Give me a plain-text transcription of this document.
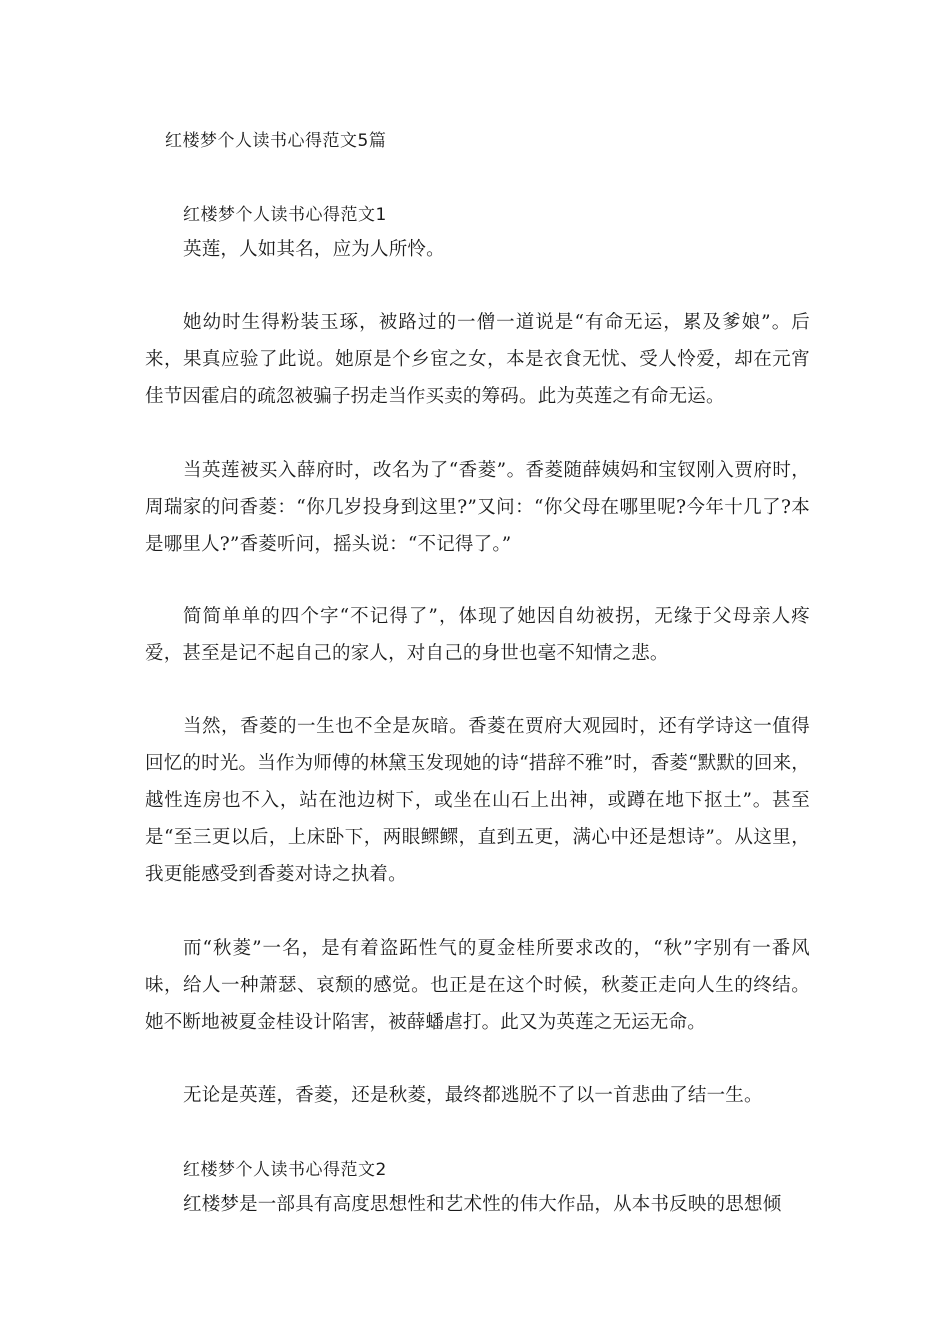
红楼梦个人读书心得范文5篇
红楼梦个人读书心得范文1
英莲，人如其名，应为人所怜。
她幼时生得粉装玉琢，被路过的一僧一道说是“有命无运，累及爹娘”。后来，果真应验了此说。她原是个乡宦之女，本是衣食无忧、受人怜爱，却在元宵佳节因霍启的疏忽被骗子拐走当作买卖的筹码。此为英莲之有命无运。
当英莲被买入薛府时，改名为了“香菱”。香菱随薛姨妈和宝钗刚入贾府时，周瑞家的问香菱：“你几岁投身到这里?”又问：“你父母在哪里呢?今年十几了?本是哪里人?”香菱听问，摇头说：“不记得了。”
简简单单的四个字“不记得了”，体现了她因自幼被拐，无缘于父母亲人疼爱，甚至是记不起自己的家人，对自己的身世也毫不知情之悲。
当然，香菱的一生也不全是灰暗。香菱在贾府大观园时，还有学诗这一值得回忆的时光。当作为师傅的林黛玉发现她的诗“措辞不雅”时，香菱“默默的回来，越性连房也不入，站在池边树下，或坐在山石上出神，或蹲在地下抠土”。甚至是“至三更以后，上床卧下，两眼鳏鳏，直到五更，满心中还是想诗”。从这里，我更能感受到香菱对诗之执着。
而“秋菱”一名，是有着盗跖性气的夏金桂所要求改的，“秋”字别有一番风味，给人一种萧瑟、哀颓的感觉。也正是在这个时候，秋菱正走向人生的终结。她不断地被夏金桂设计陷害，被薛蟠虐打。此又为英莲之无运无命。
无论是英莲，香菱，还是秋菱，最终都逃脱不了以一首悲曲了结一生。
红楼梦个人读书心得范文2
红楼梦是一部具有高度思想性和艺术性的伟大作品，从本书反映的思想倾
